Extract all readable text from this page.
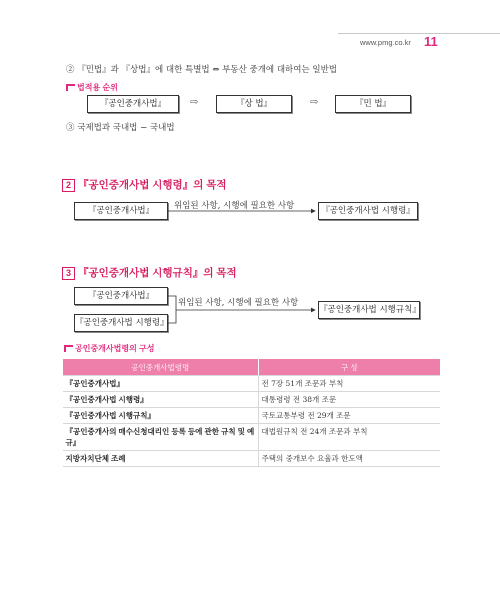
www.pmg.co.kr 11
② 『민법』과 『상법』에 대한 특별법 ⇔ 부동산 중개에 대하여는 일반법
법적용 순위
『공인중개사법』	⇨	『상 법』	⇨	『민 법』
③ 국제법과 국내법 − 국내법
2 『공인중개사법 시행령』의 목적
『공인중개사법』	위임된 사항, 시행에 필요한 사항	『공인중개사법 시행령』
3 『공인중개사법 시행규칙』의 목적
『공인중개사법』
『공인중개사법 시행령』
위임된 사항, 시행에 필요한 사항
『공인중개사법 시행규칙』
공인중개사법령의 구성
공인중개사법령명	구 성
『공인중개사법』	전 7장 51개 조문과 부칙
『공인중개사법 시행령』	대통령령 전 38개 조문
『공인중개사법 시행규칙』	국토교통부령 전 29개 조문
『공인중개사의 매수신청대리인 등록 등에 관한 규칙 및 예규』	대법원규칙 전 24개 조문과 부칙
지방자치단체 조례	주택의 중개보수 요율과 한도액
